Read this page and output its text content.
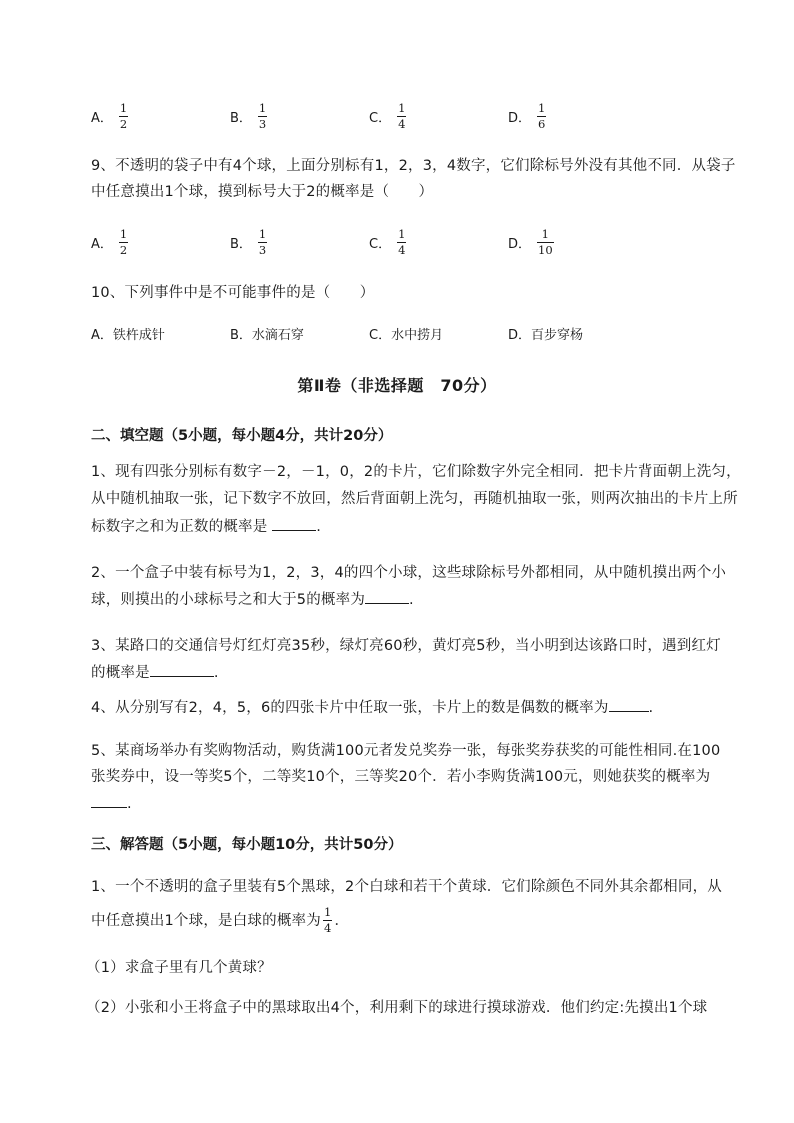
A． $\frac{1}{2}$	B． $\frac{1}{3}$	C． $\frac{1}{4}$	D． $\frac{1}{6}$
9、不透明的袋子中有4个球，上面分别标有1，2，3，4数字，它们除标号外没有其他不同．从袋子
中任意摸出1个球，摸到标号大于2的概率是（　　）
A． $\frac{1}{2}$	B． $\frac{1}{3}$	C． $\frac{1}{4}$	D． $\frac{1}{10}$
10、下列事件中是不可能事件的是（　　）
A．铁杵成针	B．水滴石穿	C．水中捞月	D．百步穿杨
第Ⅱ卷（非选择题　70分）
二、填空题（5小题，每小题4分，共计20分）
1、现有四张分别标有数字－2，－1，0，2的卡片，它们除数字外完全相同．把卡片背面朝上洗匀，
从中随机抽取一张，记下数字不放回，然后背面朝上洗匀，再随机抽取一张，则两次抽出的卡片上所
标数字之和为正数的概率是	.
2、一个盒子中装有标号为1，2，3，4的四个小球，这些球除标号外都相同，从中随机摸出两个小
球，则摸出的小球标号之和大于5的概率为	.
3、某路口的交通信号灯红灯亮35秒，绿灯亮60秒，黄灯亮5秒，当小明到达该路口时，遇到红灯
的概率是	.
4、从分别写有2，4，5，6的四张卡片中任取一张，卡片上的数是偶数的概率为	.
5、某商场举办有奖购物活动，购货满100元者发兑奖券一张，每张奖券获奖的可能性相同.在100
张奖券中，设一等奖5个，二等奖10个，三等奖20个．若小李购货满100元，则她获奖的概率为
.
三、解答题（5小题，每小题10分，共计50分）
1、一个不透明的盒子里装有5个黑球，2个白球和若干个黄球．它们除颜色不同外其余都相同，从
中任意摸出1个球，是白球的概率为 $\frac{1}{4}$ ．
（1）求盒子里有几个黄球？
（2）小张和小王将盒子中的黑球取出4个，利用剩下的球进行摸球游戏．他们约定:先摸出1个球
